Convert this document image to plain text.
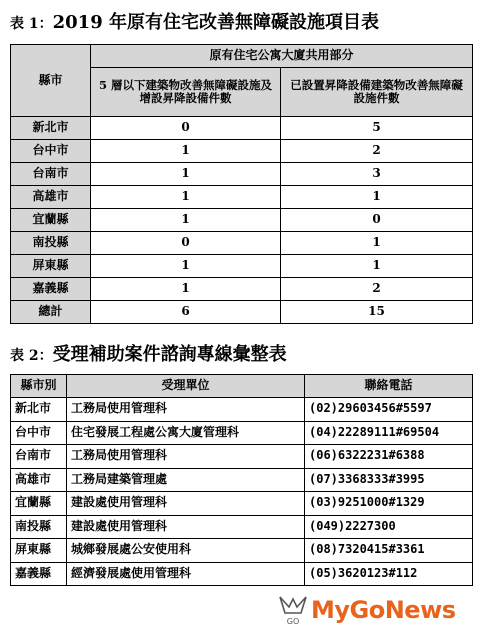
表 1：2019 年原有住宅改善無障礙設施項目表
縣市	原有住宅公寓大廈共用部分	
	5 層以下建築物改善無障礙設施及增設昇降設備件數	已設置昇降設備建築物改善無障礙設施件數
新北市	0	5
台中市	1	2
台南市	1	3
高雄市	1	1
宜蘭縣	1	0
南投縣	0	1
屏東縣	1	1
嘉義縣	1	2
總計	6	15
表 2：受理補助案件諮詢專線彙整表
縣市別	受理單位	聯絡電話
新北市	工務局使用管理科	(02)29603456#5597
台中市	住宅發展工程處公寓大廈管理科	(04)22289111#69504
台南市	工務局使用管理科	(06)6322231#6388
高雄市	工務局建築管理處	(07)3368333#3995
宜蘭縣	建設處使用管理科	(03)9251000#1329
南投縣	建設處使用管理科	(049)2227300
屏東縣	城鄉發展處公安使用科	(08)7320415#3361
嘉義縣	經濟發展處使用管理科	(05)3620123#112
GO MyGoNews
